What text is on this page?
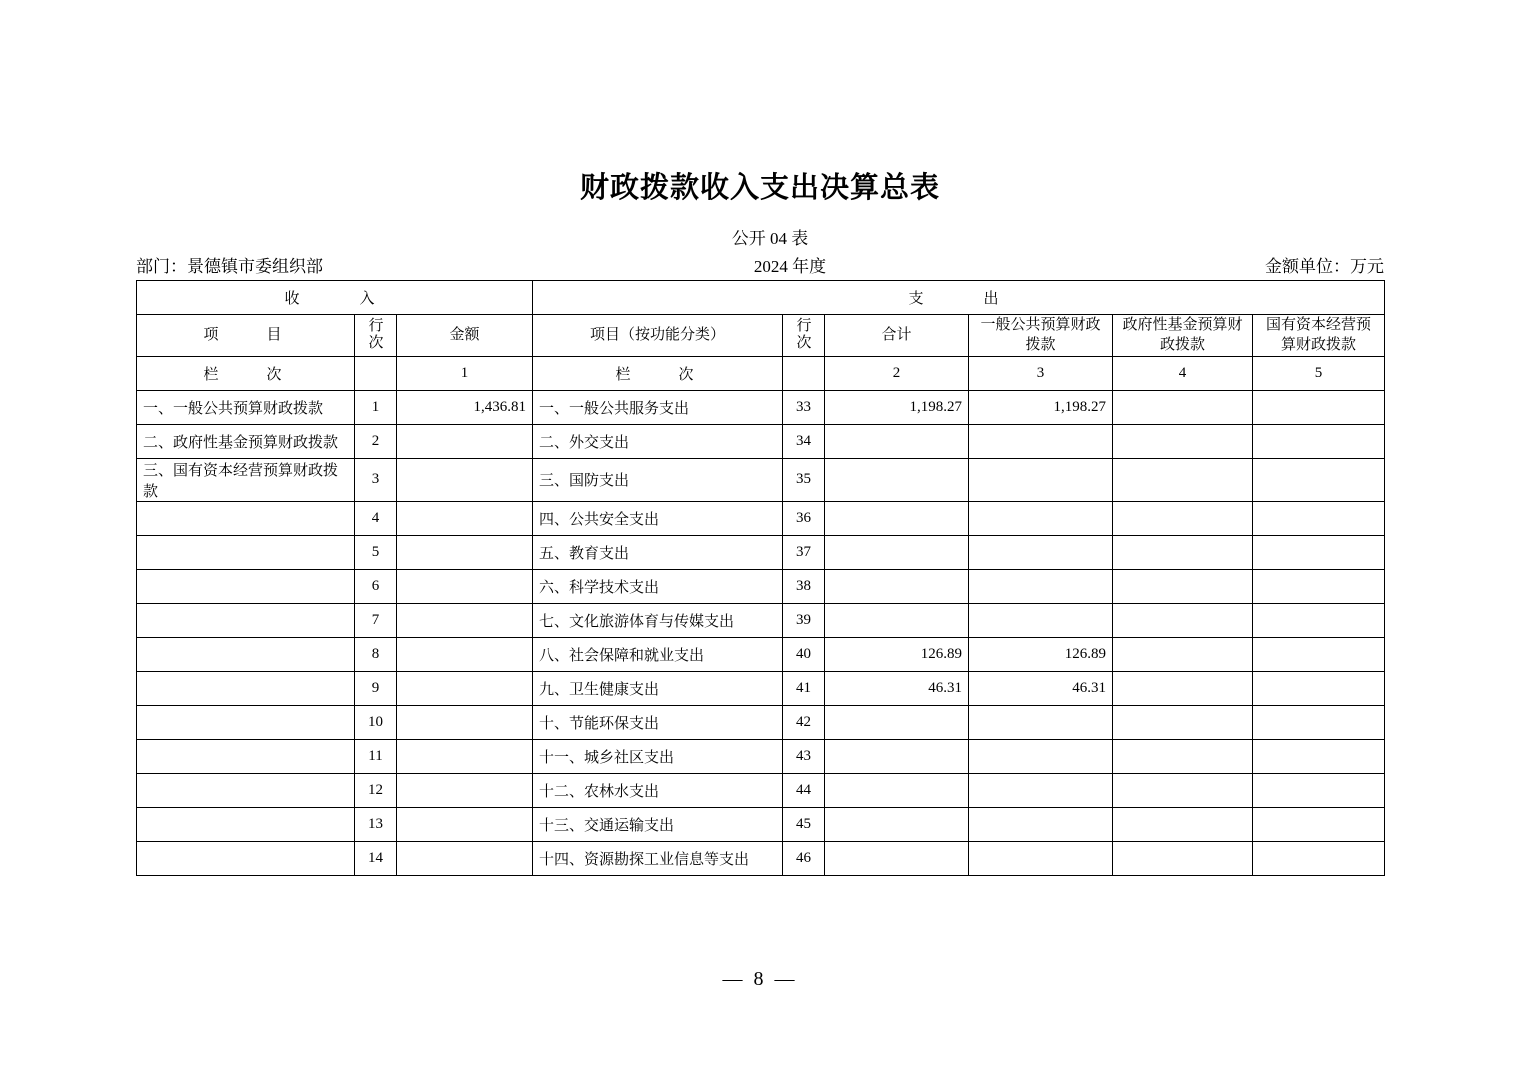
财政拨款收入支出决算总表
公开 04 表
部门：景德镇市委组织部	2024 年度	金额单位：万元
收　　入			支　　出					
项　　目	行次	金额	项目（按功能分类）	行次	合计	一般公共预算财政拨款	政府性基金预算财政拨款	国有资本经营预算财政拨款
栏　　次		1	栏　　次		2	3	4	5
一、一般公共预算财政拨款	1	1,436.81	一、一般公共服务支出	33	1,198.27	1,198.27		
二、政府性基金预算财政拨款	2		二、外交支出	34				
三、国有资本经营预算财政拨款	3		三、国防支出	35				
	4		四、公共安全支出	36				
	5		五、教育支出	37				
	6		六、科学技术支出	38				
	7		七、文化旅游体育与传媒支出	39				
	8		八、社会保障和就业支出	40	126.89	126.89		
	9		九、卫生健康支出	41	46.31	46.31		
	10		十、节能环保支出	42				
	11		十一、城乡社区支出	43				
	12		十二、农林水支出	44				
	13		十三、交通运输支出	45				
	14		十四、资源勘探工业信息等支出	46				
— 8 —
